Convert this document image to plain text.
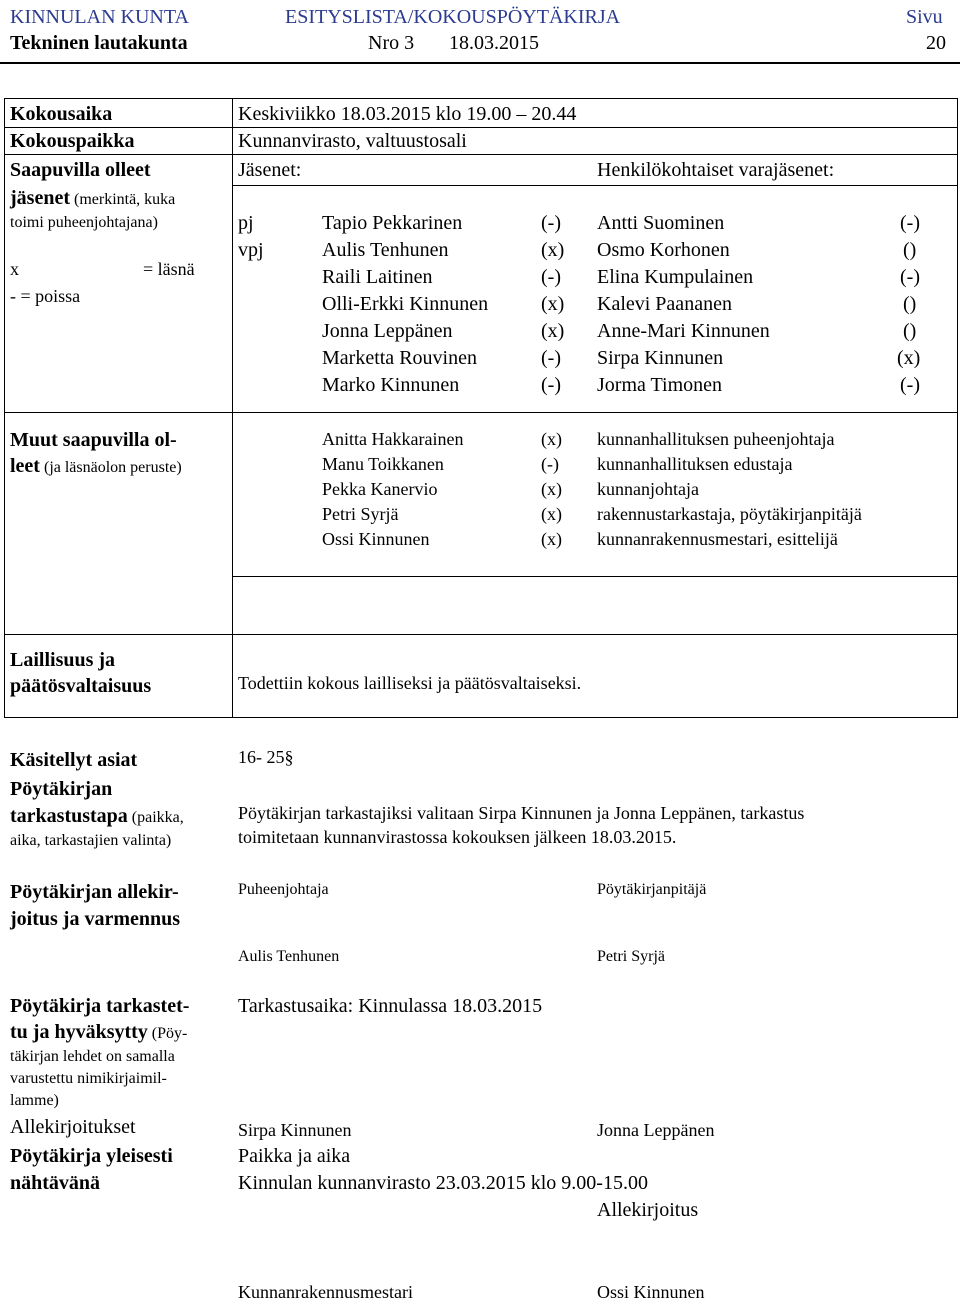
KINNULAN KUNTA	ESITYSLISTA/KOKOUSPÖYTÄKIRJA	Sivu
Tekninen lautakunta	Nro 3 18.03.2015	20
Kokousaika	Keskiviikko 18.03.2015 klo 19.00 – 20.44
Kokouspaikka	Kunnanvirasto, valtuustosali
Saapuvilla olleet
jäsenet (merkintä, kuka
toimi puheenjohtajana)
x	= läsnä
- = poissa
Jäsenet:	Henkilökohtaiset varajäsenet:
pj	Tapio Pekkarinen	(-) Antti Suominen	(-)
vpj	Aulis Tenhunen	(x) Osmo Korhonen	()
Raili Laitinen	(-) Elina Kumpulainen	(-)
Olli-Erkki Kinnunen	(x) Kalevi Paananen	()
Jonna Leppänen	(x) Anne-Mari Kinnunen	()
Marketta Rouvinen	(-) Sirpa Kinnunen	(x)
Marko Kinnunen	(-) Jorma Timonen	(-)
Muut saapuvilla ol-
leet (ja läsnäolon peruste)
Anitta Hakkarainen	(x) kunnanhallituksen puheenjohtaja
Manu Toikkanen	(-) kunnanhallituksen edustaja
Pekka Kanervio	(x) kunnanjohtaja
Petri Syrjä	(x) rakennustarkastaja, pöytäkirjanpitäjä
Ossi Kinnunen	(x) kunnanrakennusmestari, esittelijä
Laillisuus ja
päätösvaltaisuus	Todettiin kokous lailliseksi ja päätösvaltaiseksi.
Käsitellyt asiat	16- 25§
Pöytäkirjan
tarkastustapa (paikka,
aika, tarkastajien valinta)
Pöytäkirjan tarkastajiksi valitaan Sirpa Kinnunen ja Jonna Leppänen, tarkastus
toimitetaan kunnanvirastossa kokouksen jälkeen 18.03.2015.
Pöytäkirjan allekir-
joitus ja varmennus
Puheenjohtaja	Pöytäkirjanpitäjä
Aulis Tenhunen	Petri Syrjä
Pöytäkirja tarkastet-
tu ja hyväksytty (Pöy-
täkirjan lehdet on samalla
varustettu nimikirjaimil-
lamme)
Tarkastusaika: Kinnulassa 18.03.2015
Allekirjoitukset	Sirpa Kinnunen	Jonna Leppänen
Pöytäkirja yleisesti
nähtävänä
Paikka ja aika
Kinnulan kunnanvirasto 23.03.2015 klo 9.00-15.00
Allekirjoitus
Kunnanrakennusmestari	Ossi Kinnunen
